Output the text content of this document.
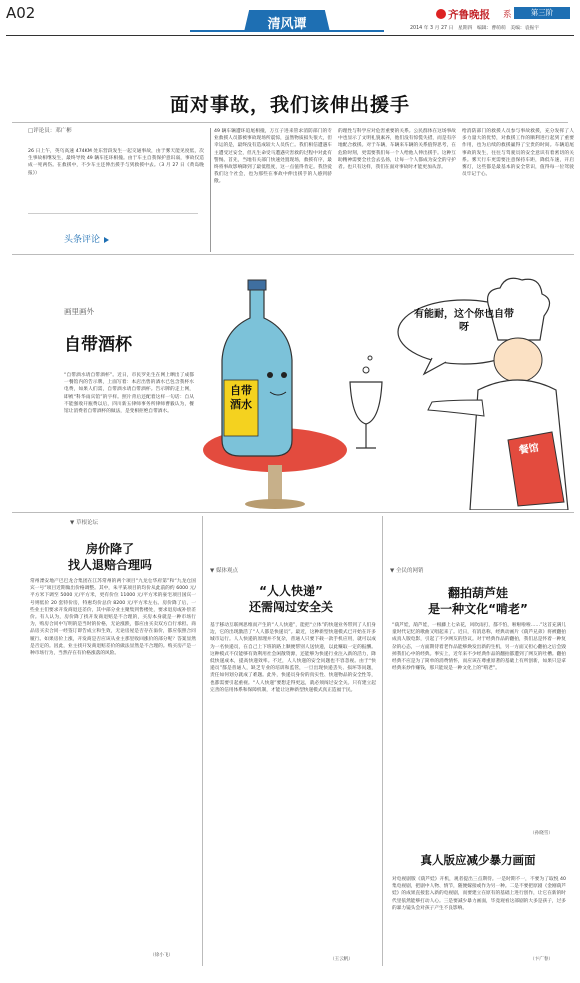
A02
清风谭
齐鲁晚报 系	第三阶
2014 年 3 月 27 日 星期四 编辑：曹萌萌 美编：袁振宇
面对事故，我们该伸出援手
□评论员：邓广彬
26 日上午，英乌高速 474KM 处东营段发生一起交通事故，由于雾天能见度低，次生事故相继发生，最终导致 49 辆车连环相撞。由于车主自我保护意识弱，事故仅造成一死两伤。在救援中，不少车主还伸出援手与到救援中去。（3 月 27 日《黄岛晚报》）
头条评论
49 辆车辆遭环追尾相撞，万互子进来管求消防部门的专业救援人员都被事故现场所震惊，虽然物质损失很大，但幸运的是，最终没有造成较大人员伤亡。我们相信遭遇车主遭受过安全，但凡生命受马遭遇灾害救的过程中对此有警惕。首先，当地有关部门快速处置现场，救援有序，最终将事故影响降到了最低程度，这一点值得肯定。我热爱我们这个社会，也为那些在事故中伸出援手的人感到骄傲。
的理性与科学应对危害重要的关系。公民群体在这场事故中也显示了文明礼貌素养，他们没有惊慌失措，而是有序地配合救援。对于车辆，车辆来车辆的关系值得思考，在危险时刻，更需要我们每一个人给他人伸出援手。这种互助精神需要全社会去弘扬，让每一个人都成为安全的守护者。也只有这样，我们在面对事故时才能更加从容。
给消防部门的救援人员参与事故救援，充分发挥了人多力量大的优势，对救援工作的顺利进行起到了重要作用，也为后续的救援赢得了宝贵的时间。车辆追尾事故的发生，往往与驾驶员的安全意识有着密切的关系。雾天行车更需要注意保持车距，降低车速，开启雾灯，这些都是最基本的安全常识，值得每一位驾驶员牢记于心。
画里画外
自带酒杯
“自带酒水请自带酒杯”。近日，市民罗先生在网上晒出了成都一餐馆内的告示牌，上面写着：本店出售的酒水已包含我杯水电费，如果人们需，自带酒水请自带酒杯。告示牌的走上网，即被“科华雨宾馆”的字样。照片背后还配着这样一句话：自从不能强收开瓶费以后，四川新五律师事务所律师曹毅认为，餐馆让消费者自带酒杯的做法，是变相拒绝自带酒水。
有能耐，这个你也自带呀
自带酒水
餐馆
▼ 草根论坛
房价降了
找人退赔合理吗
常州溧安地产巴巴龙合集团在江苏常州的两个项目“九龙仓华府第”和“九龙仓国宾一号”项目近期做出价格调整。其中，朱平某项目的均价从此前的约 6000 元/平方米下调至 5000 元/平方米，更有价位 11000 元/平方米的豪宅项目国宾一号则低价 20 套特价房，特惠均价总价 8200 元/平方米左右。房价降了后，一些业主们要求开发商退还差价，其中部分业主聚集到售楼处，要求退房或补偿差价。有人认为，房价降了找开发商退赔是不合理的，买房本身就是一种市场行为，购房合同中写明的是当时的价格，无论涨跌，都应由买卖双方自行承担。商品房买卖合同一经签订即告成立和生效，无论房屋是否存在溢价，都应依照合同履行。如果房价上涨，开发商是否应该从业主那里收回涨价的部分呢？答案显然是否定的。因此，业主找开发商退赔差价的做法显然是不合理的。购买房产是一种市场行为，当然存在有价格涨落的风险。
（徐小飞）
▼ 媒体观点
“人人快递”
还需闯过安全关
基于移动互联网思维而产生的“人人快递”，能把“立体”的快递业务带到了人们身边，它的出现激活了“人人都是快递员”。最近，这种新型快递模式已开始在许多城市运行。人人快递的原理并不复杂，普通人只要下载一款手机应用，就可以成为一名快递员，在自己上下班的路上顺便帮别人送快递，以此赚取一定的报酬。这种模式不仅能够有效利用社会闲散资源，还能够为快递行业注入新的活力，降低快递成本，提高快递效率。不过，人人快递的安全问题也不容忽视。由于“快递员”都是普通人，缺乏专业的培训和监管，一旦出现快递丢失、损坏等问题，责任如何划分就成了难题。此外，快递员身份的真实性、快递物品的安全性等，也都需要引起重视。“人人快递”要想走得更远，就必须闯过安全关。只有建立起完善的信用体系和保障机制，才能让这种新型快递模式真正造福于民。
（王云帆）
▼ 全民的网销
翻拍葫芦娃
是一种文化“啃老”
“葫芦娃，葫芦娃，一根藤上七朵花，风吹雨打，都不怕，啦啦啦啦……”这首充满儿童时代记忆的歌曲又唱起来了。近日，有消息称，经典动画片《葫芦兄弟》将被翻拍成真人版电影，引起了不少网友的热议。对于经典作品的翻拍，我们总是怀着一种复杂的心态，一方面期待着老作品能够焕发出新的生机，另一方面又担心翻拍之后会毁掉我们心中的经典。事实上，近年来不少经典作品的翻拍都遭到了网友的吐槽。翻拍经典不应是为了简单的消费情怀，而应该在尊重原著的基础上有所创新，如果只是拿经典来炒作赚钱，那只能说是一种文化上的“啃老”。
（孙晓雪）
真人版应减少暴力画面
对电视剧版《葫芦娃》开机，观者提出三点期待。一是时期不一，不要为了取悦 40 集电视剧，把剧中人物、情节，随便嫁接或作为另一种。二是不要把原剧《金刚葫芦娃》的成果直接套入新的电视剧，而要建立在原有的基础上进行创作，让它在新的时代里依然能够打动人心。三是要减少暴力画面，毕竟观看这部剧的大多是孩子，过多的暴力镜头会对孩子产生不良影响。
（卞广春）
